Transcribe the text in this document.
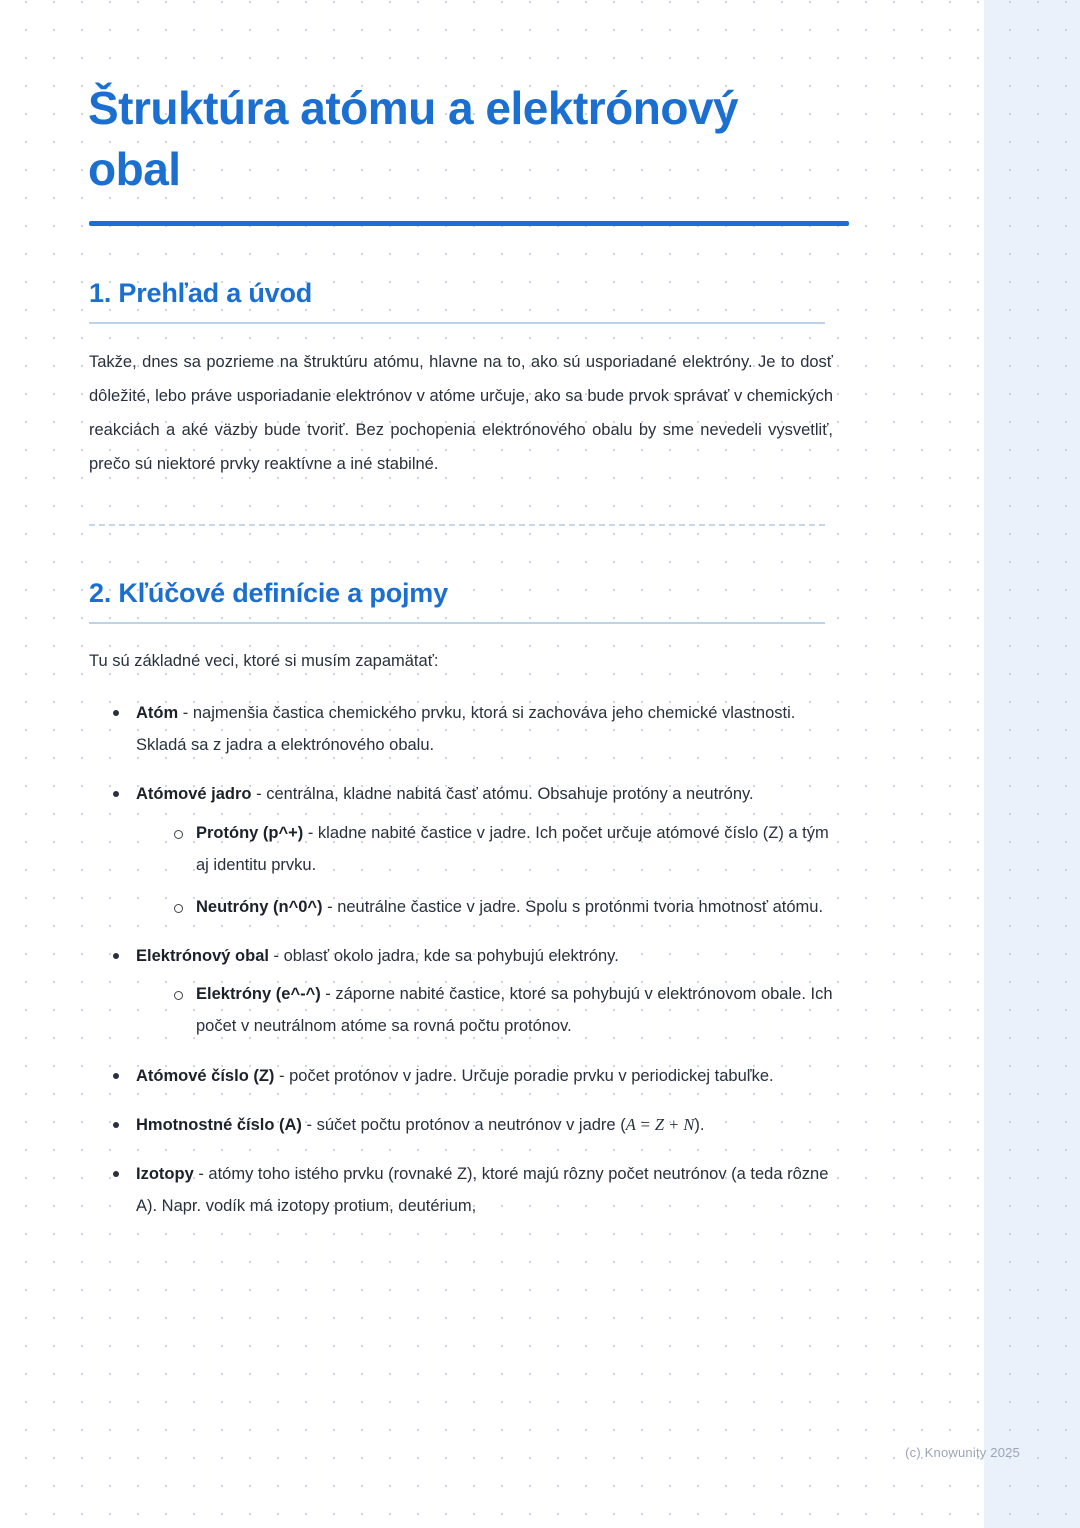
Štruktúra atómu a elektrónový obal
1. Prehľad a úvod

Takže, dnes sa pozrieme na štruktúru atómu, hlavne na to, ako sú usporiadané elektróny. Je to dosť dôležité, lebo práve usporiadanie elektrónov v atóme určuje, ako sa bude prvok správať v chemických reakciách a aké väzby bude tvoriť. Bez pochopenia elektrónového obalu by sme nevedeli vysvetliť, prečo sú niektoré prvky reaktívne a iné stabilné.

2. Kľúčové definície a pojmy

Tu sú základné veci, ktoré si musím zapamätať:

Atóm - najmenšia častica chemického prvku, ktorá si zachováva jeho chemické vlastnosti. Skladá sa z jadra a elektrónového obalu.
Atómové jadro - centrálna, kladne nabitá časť atómu. Obsahuje protóny a neutróny.
Protóny (p^+) - kladne nabité častice v jadre. Ich počet určuje atómové číslo (Z) a tým aj identitu prvku.
Neutróny (n^0^) - neutrálne častice v jadre. Spolu s protónmi tvoria hmotnosť atómu.
Elektrónový obal - oblasť okolo jadra, kde sa pohybujú elektróny.
Elektróny (e^-^) - záporne nabité častice, ktoré sa pohybujú v elektrónovom obale. Ich počet v neutrálnom atóme sa rovná počtu protónov.
Atómové číslo (Z) - počet protónov v jadre. Určuje poradie prvku v periodickej tabuľke.
Hmotnostné číslo (A) - súčet počtu protónov a neutrónov v jadre (A = Z + N).
Izotopy - atómy toho istého prvku (rovnaké Z), ktoré majú rôzny počet neutrónov (a teda rôzne A). Napr. vodík má izotopy protium, deutérium,
(c) Knowunity 2025
